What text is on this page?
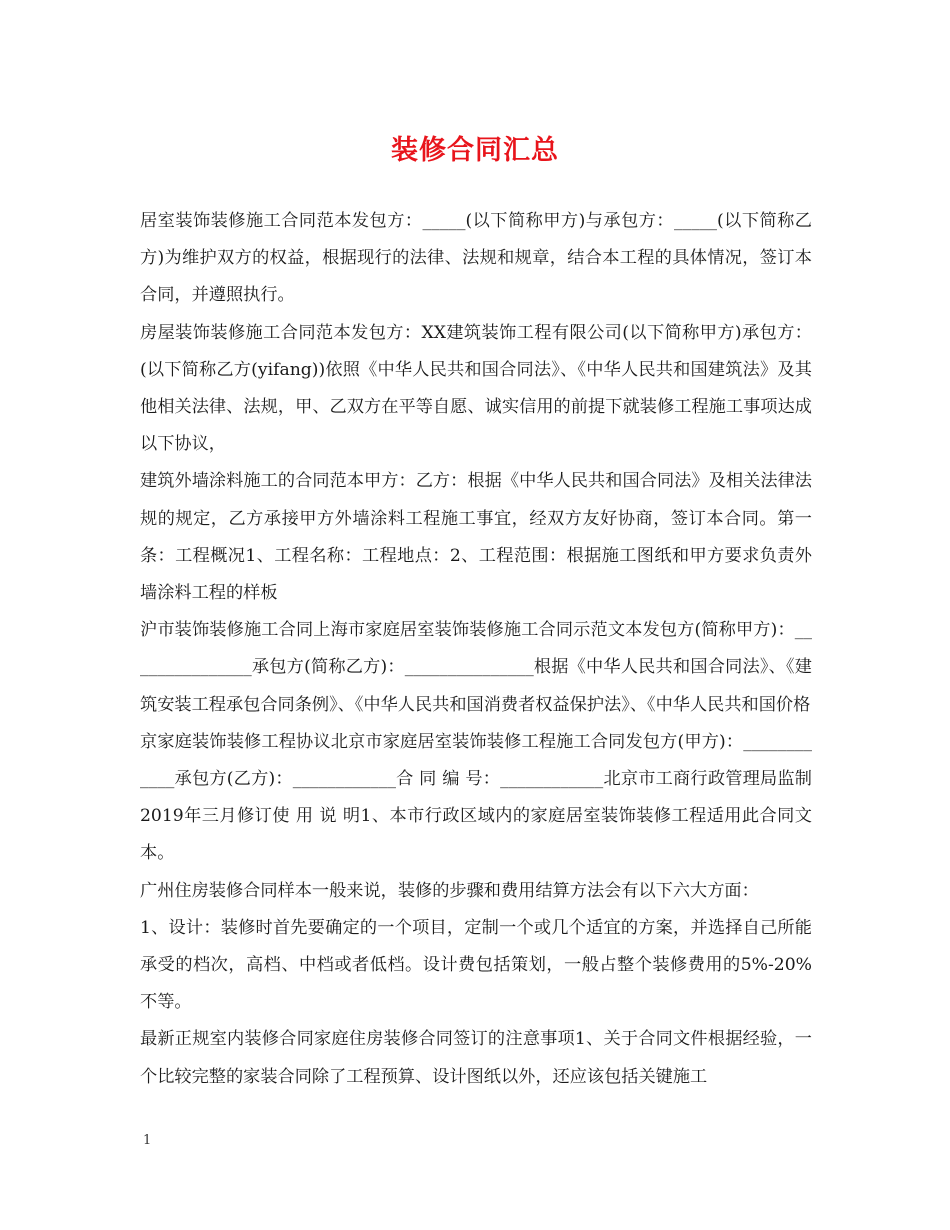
装修合同汇总

居室装饰装修施工合同范本发包方：_____(以下简称甲方)与承包方：_____(以下简称乙方)为维护双方的权益，根据现行的法律、法规和规章，结合本工程的具体情况，签订本合同，并遵照执行。

房屋装饰装修施工合同范本发包方：XX建筑装饰工程有限公司(以下简称甲方)承包方：(以下简称乙方(yifang))依照《中华人民共和国合同法》、《中华人民共和国建筑法》及其他相关法律、法规，甲、乙双方在平等自愿、诚实信用的前提下就装修工程施工事项达成以下协议，

建筑外墙涂料施工的合同范本甲方：乙方：根据《中华人民共和国合同法》及相关法律法规的规定，乙方承接甲方外墙涂料工程施工事宜，经双方友好协商，签订本合同。第一条：工程概况1、工程名称：工程地点：2、工程范围：根据施工图纸和甲方要求负责外墙涂料工程的样板

沪市装饰装修施工合同上海市家庭居室装饰装修施工合同示范文本发包方(简称甲方)：_______________承包方(简称乙方)：_______________根据《中华人民共和国合同法》、《建筑安装工程承包合同条例》、《中华人民共和国消费者权益保护法》、《中华人民共和国价格

京家庭装饰装修工程协议北京市家庭居室装饰装修工程施工合同发包方(甲方)：____________承包方(乙方)：____________合 同 编 号：____________北京市工商行政管理局监制2019年三月修订使 用 说 明1、本市行政区域内的家庭居室装饰装修工程适用此合同文本。

广州住房装修合同样本一般来说，装修的步骤和费用结算方法会有以下六大方面：

1、设计：装修时首先要确定的一个项目，定制一个或几个适宜的方案，并选择自己所能承受的档次，高档、中档或者低档。设计费包括策划，一般占整个装修费用的5%-20%不等。

最新正规室内装修合同家庭住房装修合同签订的注意事项1、关于合同文件根据经验，一个比较完整的家装合同除了工程预算、设计图纸以外，还应该包括关键施工

1
